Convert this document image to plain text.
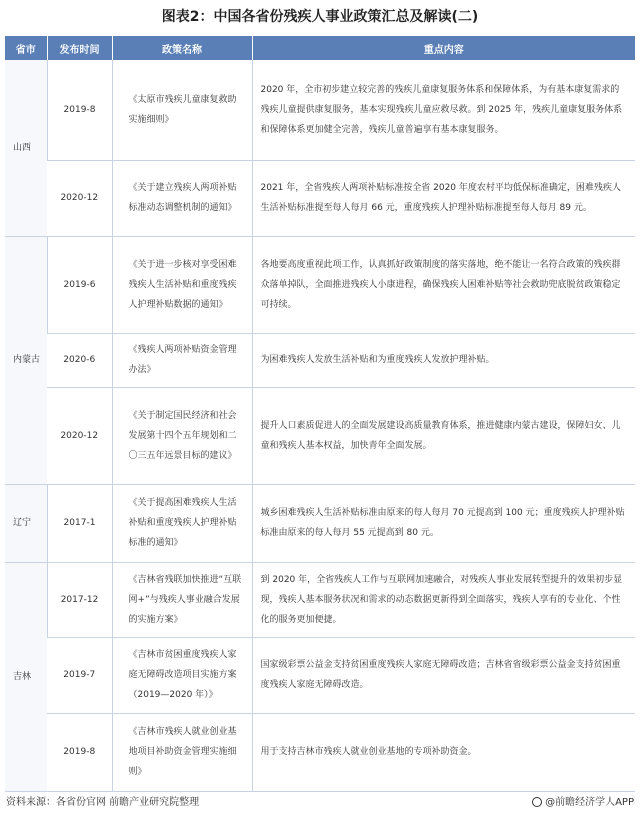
图表2：中国各省份残疾人事业政策汇总及解读(二)
省市	发布时间	政策名称	重点内容
山西	2019-8	《太原市残疾儿童康复救助实施细则》	2020 年，全市初步建立较完善的残疾儿童康复服务体系和保障体系，为有基本康复需求的残疾儿童提供康复服务，基本实现残疾儿童应救尽救。到 2025 年，残疾儿童康复服务体系和保障体系更加健全完善，残疾儿童普遍享有基本康复服务。
	2020-12	《关于建立残疾人两项补贴标准动态调整机制的通知》	2021 年，全省残疾人两项补贴标准按全省 2020 年度农村平均低保标准确定，困难残疾人生活补贴标准提至每人每月 66 元，重度残疾人护理补贴标准提至每人每月 89 元。
内蒙古	2019-6	《关于进一步核对享受困难残疾人生活补贴和重度残疾人护理补贴数据的通知》	各地要高度重视此项工作，认真抓好政策制度的落实落地，绝不能让一名符合政策的残疾群众落单掉队，全面推进残疾人小康进程，确保残疾人困难补贴等社会救助兜底脱贫政策稳定可持续。
	2020-6	《残疾人两项补贴资金管理办法》	为困难残疾人发放生活补贴和为重度残疾人发放护理补贴。
	2020-12	《关于制定国民经济和社会发展第十四个五年规划和二〇三五年远景目标的建议》	提升人口素质促进人的全面发展建设高质量教育体系，推进健康内蒙古建设，保障妇女、儿童和残疾人基本权益，加快青年全面发展。
辽宁	2017-1	《关于提高困难残疾人生活补贴和重度残疾人护理补贴标准的通知》	城乡困难残疾人生活补贴标准由原来的每人每月 70 元提高到 100 元；重度残疾人护理补贴标准由原来的每人每月 55 元提高到 80 元。
吉林	2017-12	《吉林省残联加快推进“互联网+”与残疾人事业融合发展的实施方案》	到 2020 年，全省残疾人工作与互联网加速融合，对残疾人事业发展转型提升的效果初步显现，残疾人基本服务状况和需求的动态数据更新得到全面落实，残疾人享有的专业化、个性化的服务更加便捷。
	2019-7	《吉林市贫困重度残疾人家庭无障碍改造项目实施方案（2019—2020 年）》	国家级彩票公益金支持贫困重度残疾人家庭无障碍改造；吉林省省级彩票公益金支持贫困重度残疾人家庭无障碍改造。
	2019-8	《吉林市残疾人就业创业基地项目补助资金管理实施细则》	用于支持吉林市残疾人就业创业基地的专项补助资金。
资料来源：各省份官网 前瞻产业研究院整理	@前瞻经济学人APP
